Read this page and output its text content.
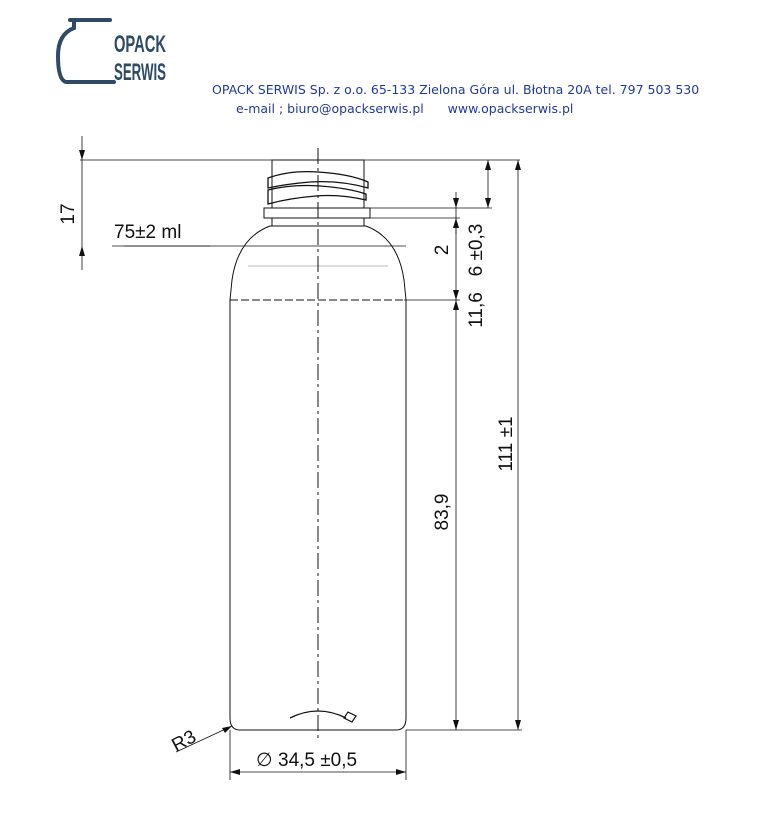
OPACK
SERWIS
OPACK SERWIS Sp. z o.o. 65-133 Zielona Góra ul. Błotna 20A tel. 797 503 530
e-mail ; biuro@opackserwis.pl www.opackserwis.pl
17
75±2 ml
2 6 ±0,3
11,6
83,9
111 ±1
R3
∅ 34,5 ±0,5
